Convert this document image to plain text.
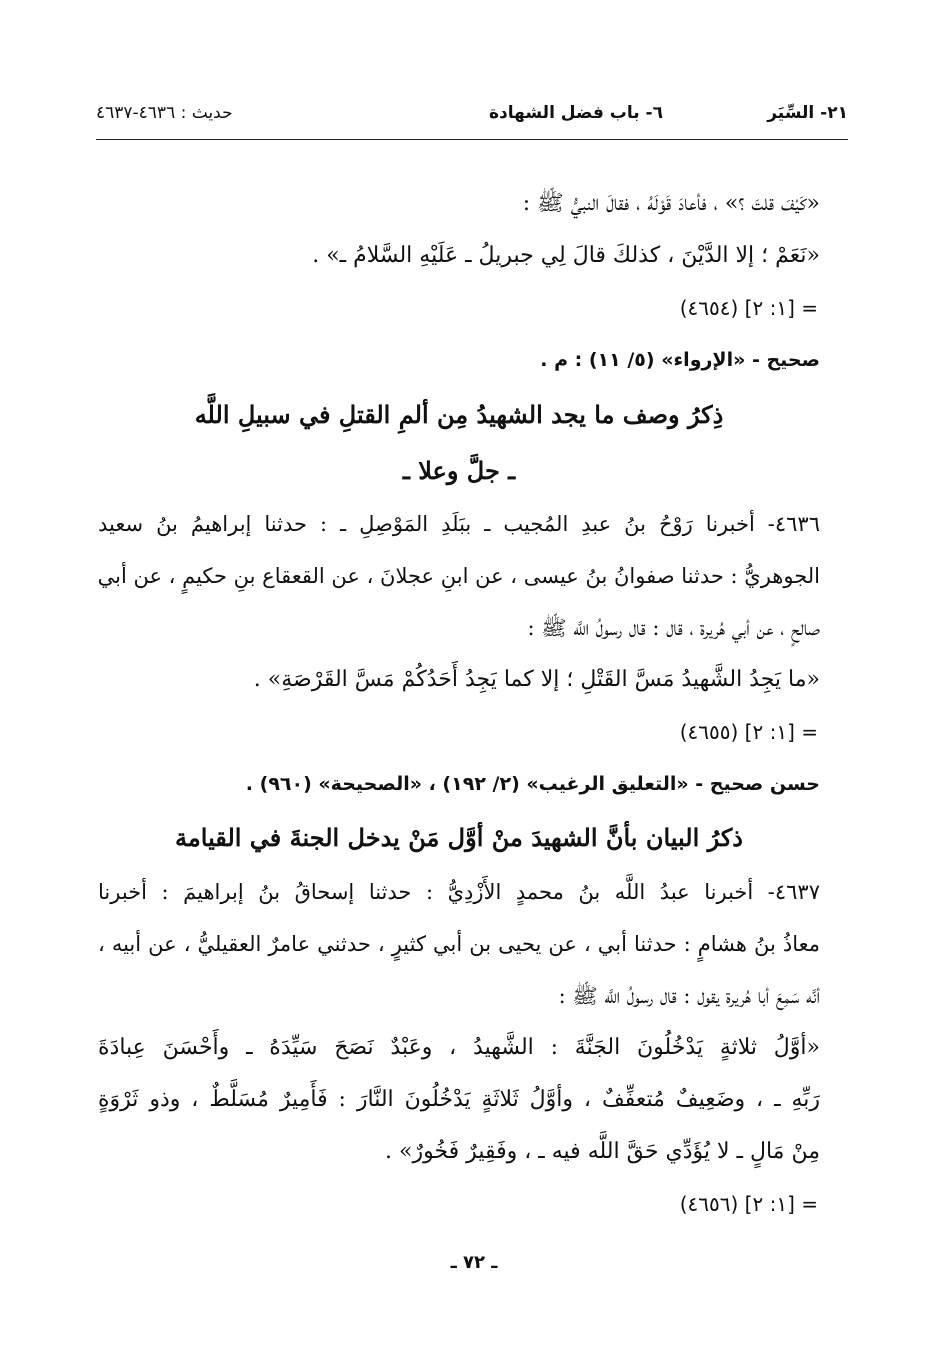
٢١- السِّيَر
٦- باب فضل الشهادة
حديث : ٤٦٣٦-٤٦٣٧
«كَيْفَ قلتَ ؟» ، فأعادَ قَوْلَهُ ، فقالَ النبيُّ ﷺ :
«نَعَمْ ؛ إلا الدَّيْنَ ، كذلكَ قالَ لِي جبريلُ ـ عَلَيْهِ السَّلامُ ـ» .
= [١: ٢] (٤٦٥٤)
صحيح - «الإرواء» (٥/ ١١) : م .
ذِكرُ وصف ما يجد الشهيدُ مِن ألمِ القتلِ في سبيلِ اللَّه
ـ جلَّ وعلا ـ
٤٦٣٦- أخبرنا رَوْحُ بنُ عبدِ المُجيب ـ ببَلَدِ المَوْصِلِ ـ : حدثنا إبراهيمُ بنُ سعيد
الجوهريُّ : حدثنا صفوانُ بنُ عيسى ، عن ابنِ عجلانَ ، عن القعقاع بنِ حكيمٍ ، عن أبي
صالحٍ ، عن أبي هُريرة ، قال : قال رسولُ اللَّه ﷺ :
«ما يَجِدُ الشَّهيدُ مَسَّ القَتْلِ ؛ إلا كما يَجِدُ أَحَدُكُمْ مَسَّ القَرْصَةِ» .
= [١: ٢] (٤٦٥٥)
حسن صحيح - «التعليق الرغيب» (٢/ ١٩٢) ، «الصحيحة» (٩٦٠) .
ذكرُ البيان بأنَّ الشهيدَ منْ أوَّل مَنْ يدخل الجنةَ في القيامة
٤٦٣٧- أخبرنا عبدُ اللَّه بنُ محمدٍ الأَزْدِيُّ : حدثنا إسحاقُ بنُ إبراهيمَ : أخبرنا
معاذُ بنُ هشامٍ : حدثنا أبي ، عن يحيى بن أبي كثيرٍ ، حدثني عامرٌ العقيليُّ ، عن أبيه ،
أنَّه سَمِعَ أبا هُريرة يقول : قال رسولُ اللَّه ﷺ :
«أوَّلُ ثلاثةٍ يَدْخُلُونَ الجَنَّةَ : الشَّهيدُ ، وعَبْدٌ نَصَحَ سَيِّدَهُ ـ وأَحْسَنَ عِبادَةَ
رَبِّهِ ـ ، وضَعِيفٌ مُتعفِّفٌ ، وأوَّلُ ثَلاثَةٍ يَدْخُلُونَ النَّارَ : فَأَمِيرٌ مُسَلَّطٌ ، وذو ثَرْوَةٍ
مِنْ مَالٍ ـ لا يُؤَدِّي حَقَّ اللَّه فيه ـ ، وفَقِيرٌ فَخُورٌ» .
= [١: ٢] (٤٦٥٦)
ـ ٧٢ ـ
